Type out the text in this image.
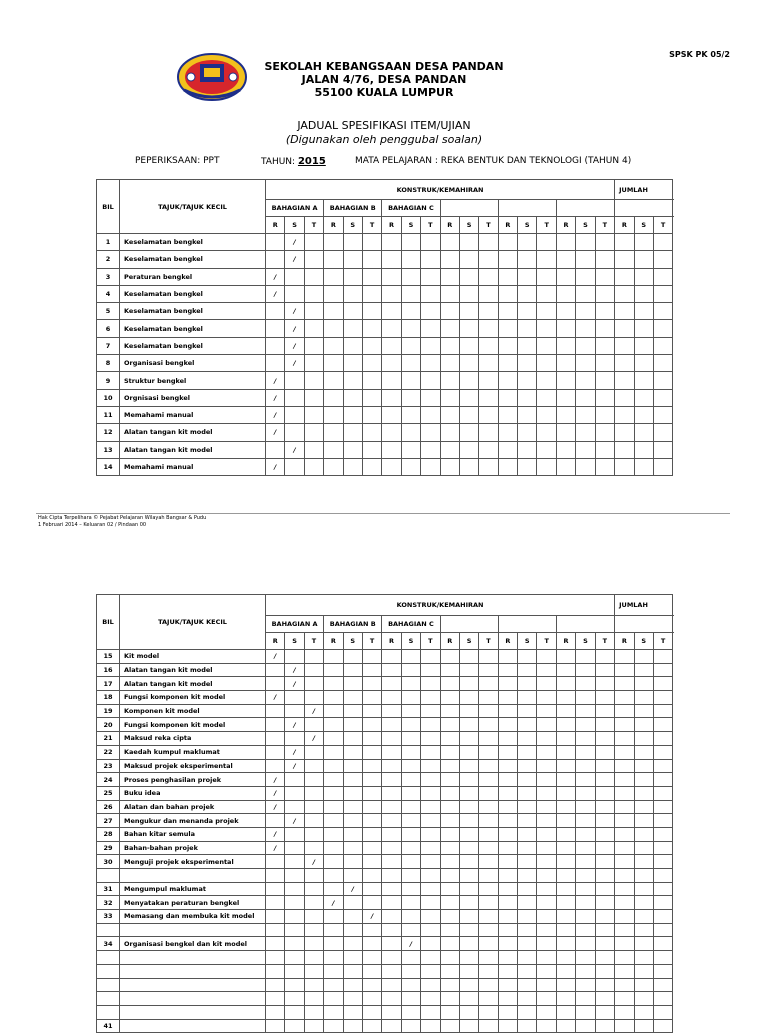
SPSK PK 05/2
SEKOLAH KEBANGSAAN DESA PANDAN
JALAN 4/76, DESA PANDAN
55100 KUALA LUMPUR
JADUAL SPESIFIKASI ITEM/UJIAN
(Digunakan oleh penggubal soalan)
PEPERIKSAAN: PPT	TAHUN: 2015	MATA PELAJARAN : REKA BENTUK DAN TEKNOLOGI (TAHUN 4)
BIL	TAJUK/TAJUK KECIL	KONSTRUK/KEMAHIRAN																		JUMLAH			
		BAHAGIAN A			BAHAGIAN B			BAHAGIAN C															
		R	S	T	R	S	T	R	S	T	R	S	T	R	S	T	R	S	T	R	S	T	
1	Keselamatan bengkel		/																				
2	Keselamatan bengkel		/																				
3	Peraturan bengkel	/																					
4	Keselamatan bengkel	/																					
5	Keselamatan bengkel		/																				
6	Keselamatan bengkel		/																				
7	Keselamatan bengkel		/																				
8	Organisasi bengkel		/																				
9	Struktur bengkel	/																					
10	Orgnisasi bengkel	/																					
11	Memahami manual	/																					
12	Alatan tangan kit model	/																					
13	Alatan tangan kit model		/																				
14	Memahami manual	/																					
Hak Cipta Terpelihara © Pejabat Pelajaran Wilayah Bangsar & Pudu
1 Februari 2014 – Keluaran 02 / Pindaan 00
BIL	TAJUK/TAJUK KECIL	KONSTRUK/KEMAHIRAN																		JUMLAH			
		BAHAGIAN A			BAHAGIAN B			BAHAGIAN C															
		R	S	T	R	S	T	R	S	T	R	S	T	R	S	T	R	S	T	R	S	T	
15	Kit model	/																					
16	Alatan tangan kit model		/																				
17	Alatan tangan kit model		/																				
18	Fungsi komponen kit model	/																					
19	Komponen kit model			/																			
20	Fungsi komponen kit model		/																				
21	Maksud reka cipta			/																			
22	Kaedah kumpul maklumat		/																				
23	Maksud projek eksperimental		/																				
24	Proses penghasilan projek	/																					
25	Buku idea	/																					
26	Alatan dan bahan projek	/																					
27	Mengukur dan menanda projek		/																				
28	Bahan kitar semula	/																					
29	Bahan-bahan projek	/																					
30	Menguji projek eksperimental			/																			

31	Mengumpul maklumat					/																	
32	Menyatakan peraturan bengkel				/																		
33	Memasang dan membuka kit model						/																

34	Organisasi bengkel dan kit model								/														

41																							
